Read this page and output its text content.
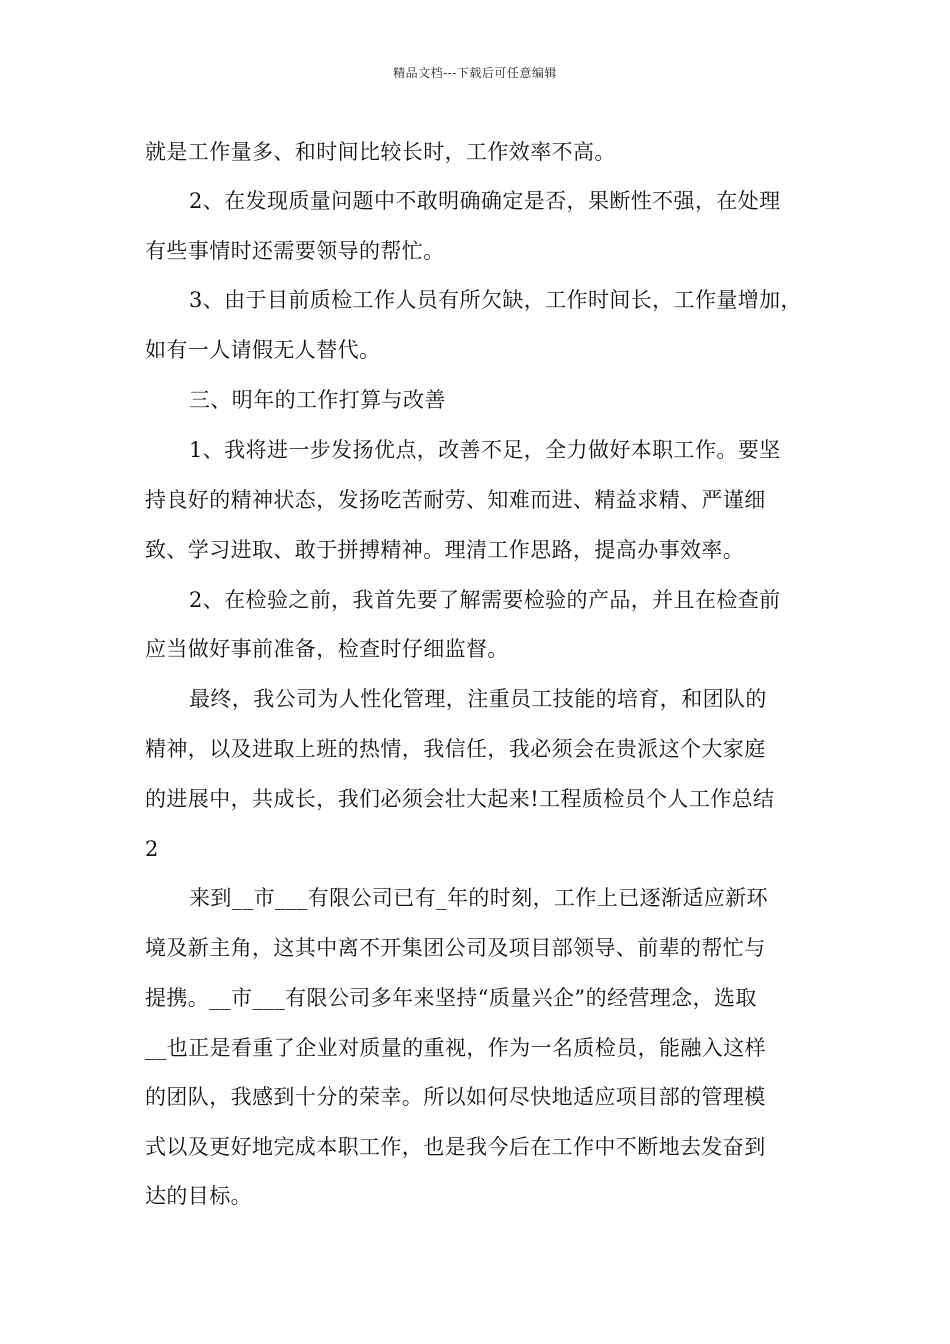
精品文档---下载后可任意编辑
就是工作量多、和时间比较长时，工作效率不高。
2、在发现质量问题中不敢明确确定是否，果断性不强，在处理
有些事情时还需要领导的帮忙。
3、由于目前质检工作人员有所欠缺，工作时间长，工作量增加，
如有一人请假无人替代。
三、明年的工作打算与改善
1、我将进一步发扬优点，改善不足，全力做好本职工作。要坚
持良好的精神状态，发扬吃苦耐劳、知难而进、精益求精、严谨细
致、学习进取、敢于拼搏精神。理清工作思路，提高办事效率。
2、在检验之前，我首先要了解需要检验的产品，并且在检查前
应当做好事前准备，检查时仔细监督。
最终，我公司为人性化管理，注重员工技能的培育，和团队的
精神，以及进取上班的热情，我信任，我必须会在贵派这个大家庭
的进展中，共成长，我们必须会壮大起来!工程质检员个人工作总结
2
来到__市___有限公司已有_年的时刻，工作上已逐渐适应新环
境及新主角，这其中离不开集团公司及项目部领导、前辈的帮忙与
提携。__市___有限公司多年来坚持“质量兴企”的经营理念，选取
__也正是看重了企业对质量的重视，作为一名质检员，能融入这样
的团队，我感到十分的荣幸。所以如何尽快地适应项目部的管理模
式以及更好地完成本职工作，也是我今后在工作中不断地去发奋到
达的目标。
